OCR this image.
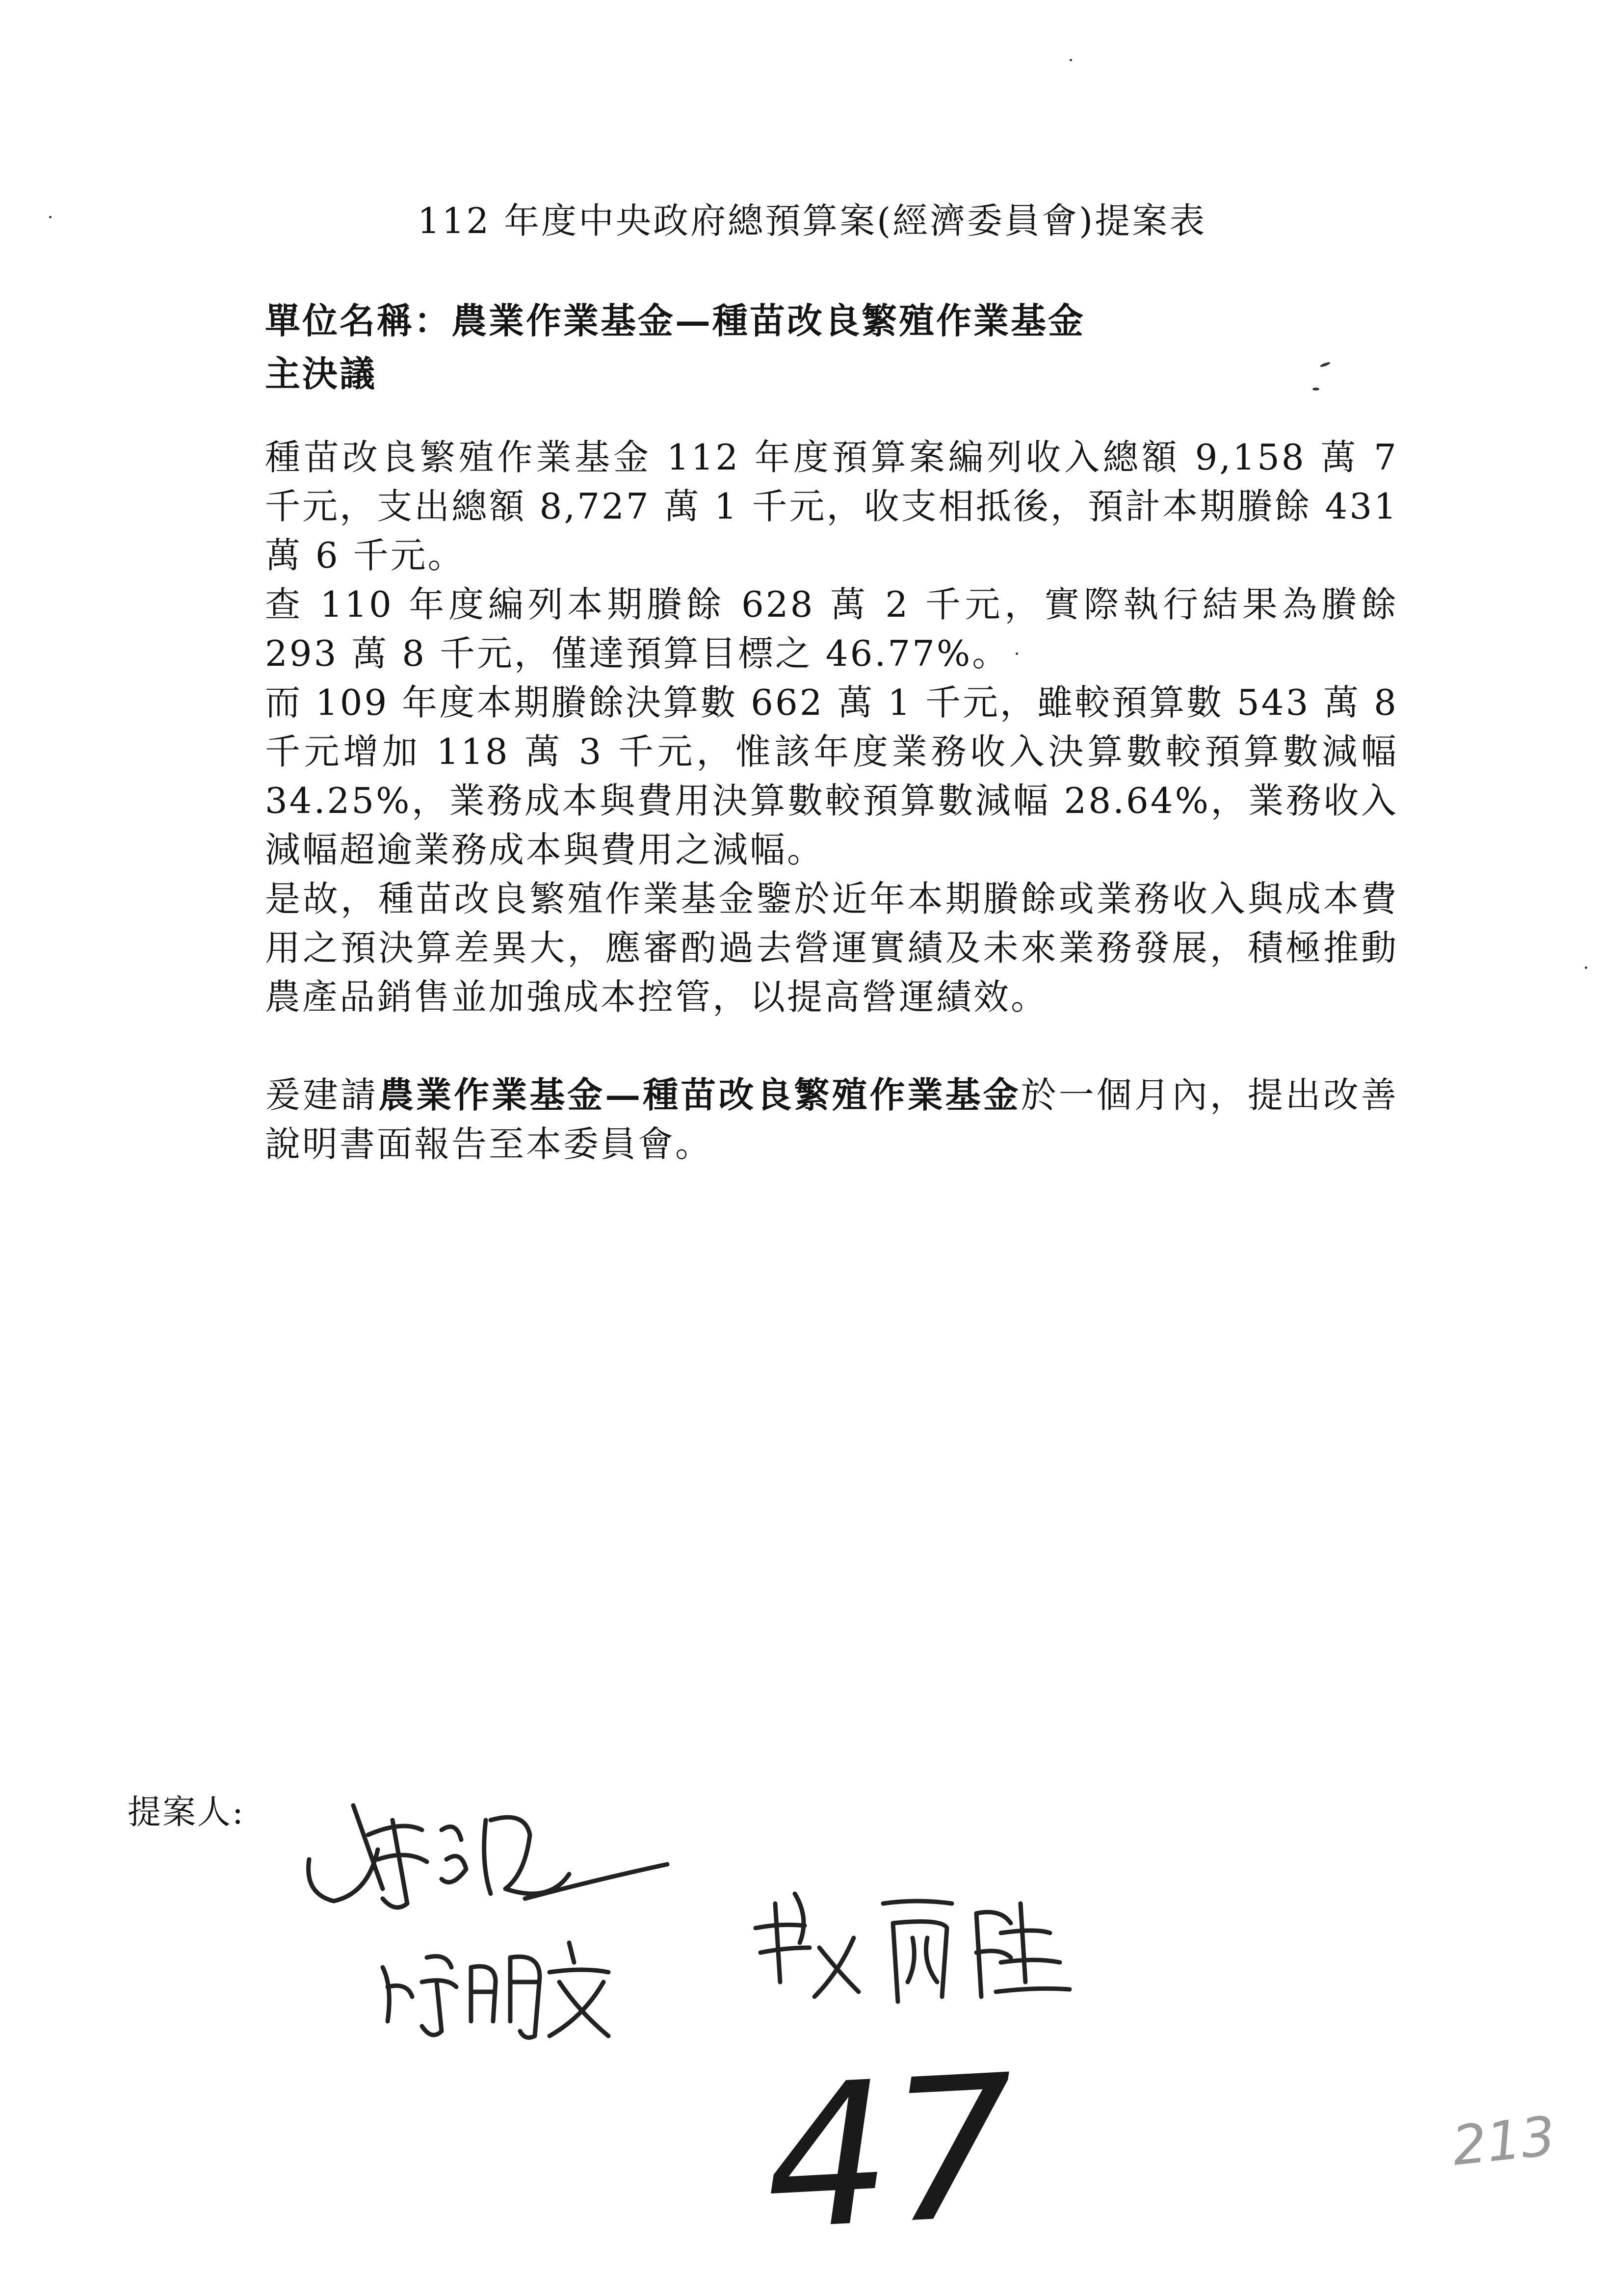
112 年度中央政府總預算案(經濟委員會)提案表
單位名稱：農業作業基金—種苗改良繁殖作業基金
主決議

種苗改良繁殖作業基金 112 年度預算案編列收入總額 9,158 萬 7 千元，支出總額 8,727 萬 1 千元，收支相抵後，預計本期賸餘 431 萬 6 千元。

查 110 年度編列本期賸餘 628 萬 2 千元，實際執行結果為賸餘 293 萬 8 千元，僅達預算目標之 46.77%。

而 109 年度本期賸餘決算數 662 萬 1 千元，雖較預算數 543 萬 8 千元增加 118 萬 3 千元，惟該年度業務收入決算數較預算數減幅 34.25%，業務成本與費用決算數較預算數減幅 28.64%，業務收入減幅超逾業務成本與費用之減幅。

是故，種苗改良繁殖作業基金鑒於近年本期賸餘或業務收入與成本費用之預決算差異大，應審酌過去營運實績及未來業務發展，積極推動農產品銷售並加強成本控管，以提高營運績效。

爰建請農業作業基金—種苗改良繁殖作業基金於一個月內，提出改善說明書面報告至本委員會。

提案人:
47	213
